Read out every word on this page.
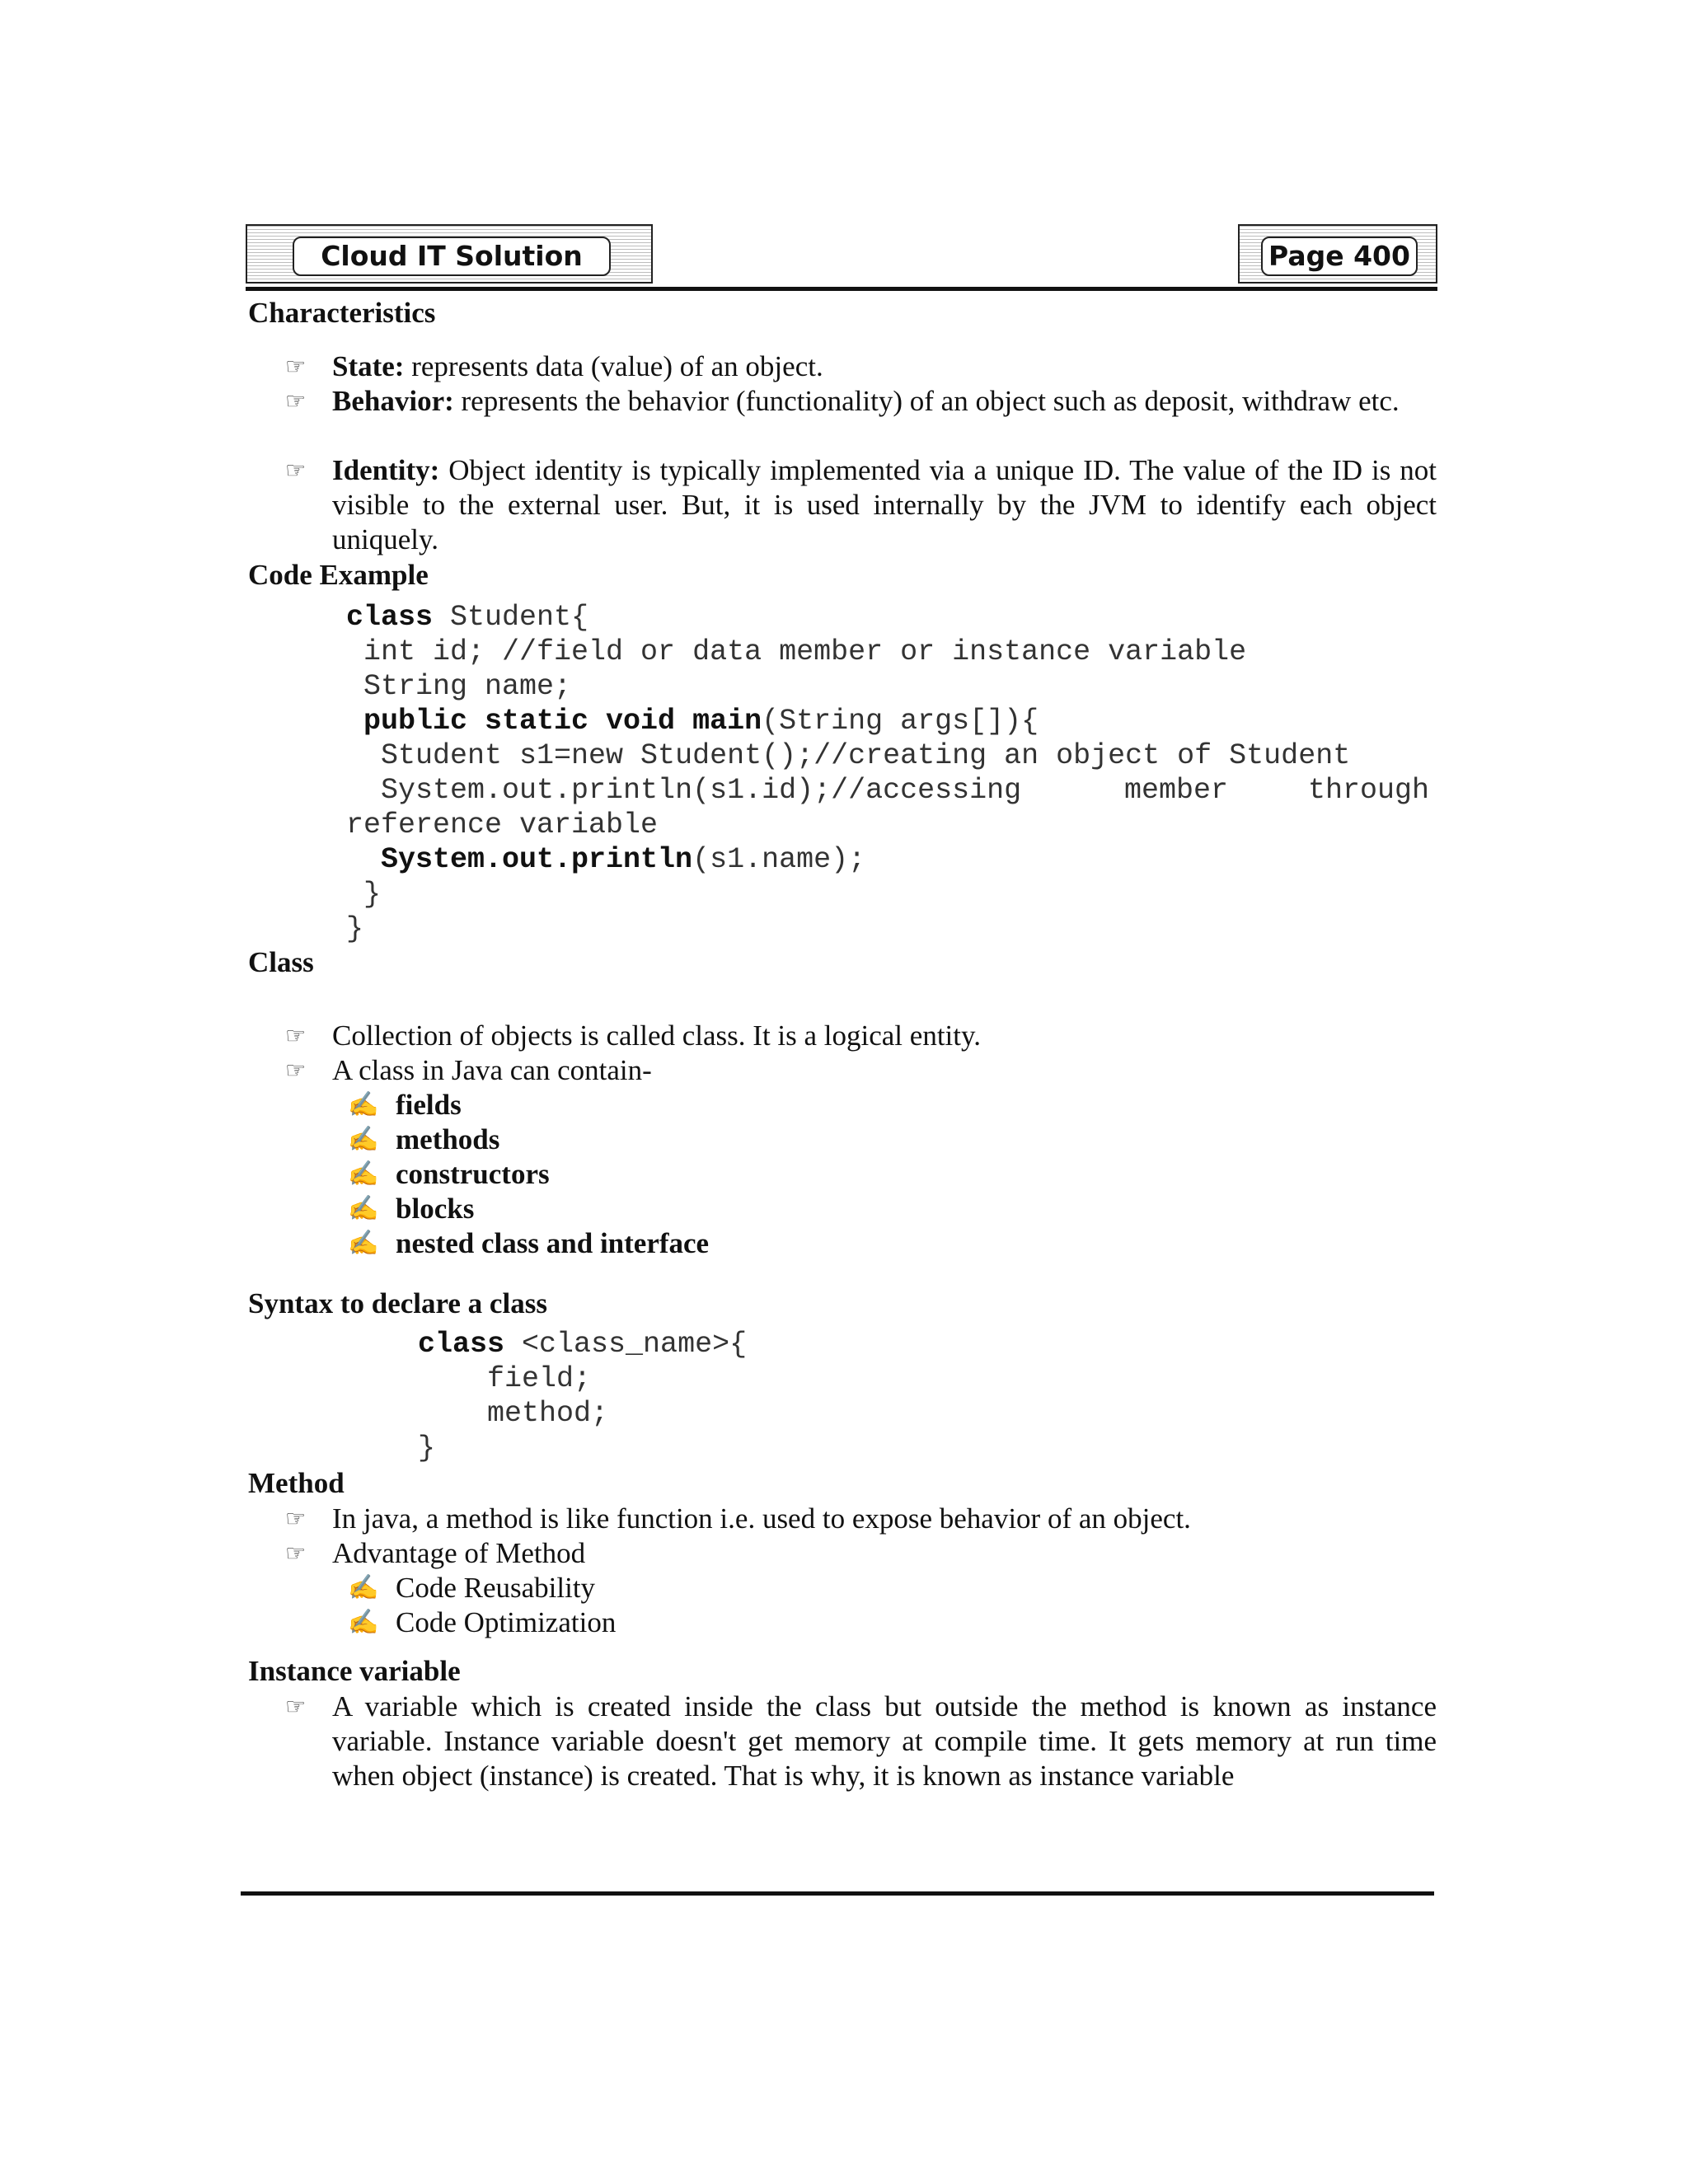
Cloud IT Solution	Page 400
Characteristics
☞ State: represents data (value) of an object.
☞ Behavior: represents the behavior (functionality) of an object such as deposit, withdraw etc.
☞ Identity: Object identity is typically implemented via a unique ID. The value of the ID is not visible to the external user. But, it is used internally by the JVM to identify each object uniquely.
Code Example
class Student{
int id; //field or data member or instance variable
String name;
public static void main(String args[]){
Student s1=new Student();//creating an object of Student
System.out.println(s1.id);//accessing	member	through
reference variable
System.out.println(s1.name);
}
}
Class
☞ Collection of objects is called class. It is a logical entity.
☞ A class in Java can contain-
✍ fields
✍ methods
✍ constructors
✍ blocks
✍ nested class and interface
Syntax to declare a class
class <class_name>{
field;
method;
}
Method
☞ In java, a method is like function i.e. used to expose behavior of an object.
☞ Advantage of Method
✍ Code Reusability
✍ Code Optimization
Instance variable
☞ A variable which is created inside the class but outside the method is known as instance variable. Instance variable doesn't get memory at compile time. It gets memory at run time when object (instance) is created. That is why, it is known as instance variable
